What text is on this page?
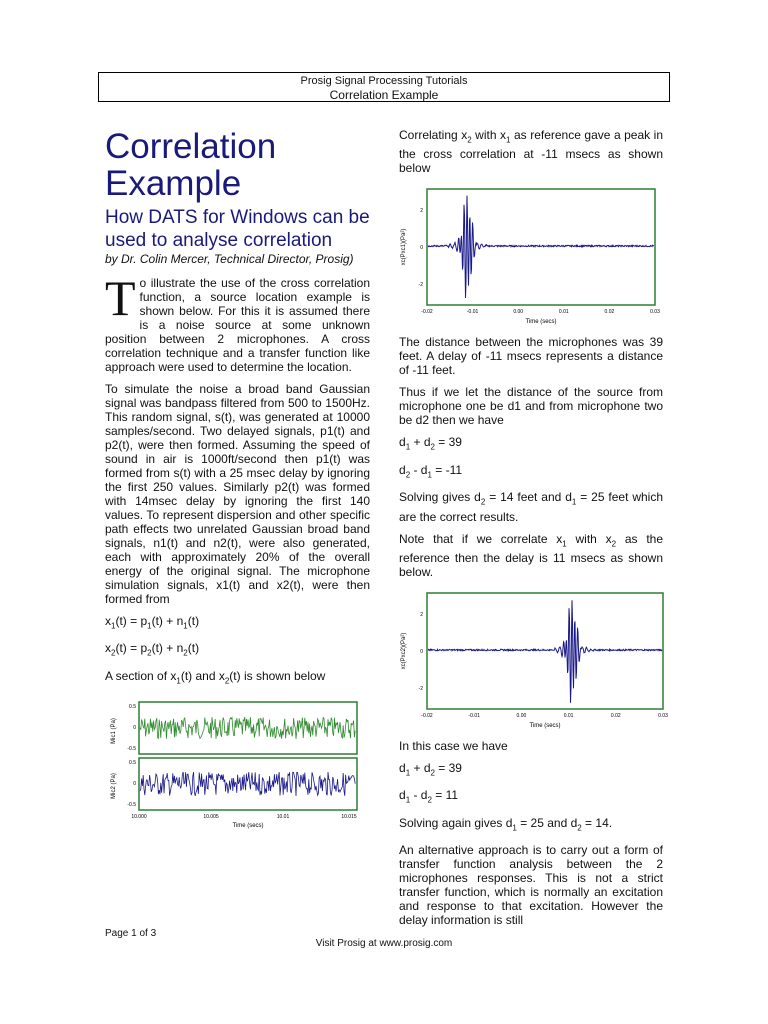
Prosig Signal Processing Tutorials
Correlation Example
Correlation Example
How DATS for Windows can be used to analyse correlation
by Dr. Colin Mercer, Technical Director, Prosig)

T o illustrate the use of the cross correlation function, a source location example is shown below. For this it is assumed there is a noise source at some unknown position between 2 microphones. A cross correlation technique and a transfer function like approach were used to determine the location.

To simulate the noise a broad band Gaussian signal was bandpass filtered from 500 to 1500Hz. This random signal, s(t), was generated at 10000 samples/second. Two delayed signals, p1(t) and p2(t), were then formed. Assuming the speed of sound in air is 1000ft/second then p1(t) was formed from s(t) with a 25 msec delay by ignoring the first 250 values. Similarly p2(t) was formed with 14msec delay by ignoring the first 140 values. To represent dispersion and other specific path effects two unrelated Gaussian broad band signals, n1(t) and n2(t), were also generated, each with approximately 20% of the overall energy of the original signal. The microphone simulation signals, x1(t) and x2(t), were then formed from

$x_1(t) = p_1(t) + n_1(t)$
$x_2(t) = p_2(t) + n_2(t)$
A section of $x_1(t)$ and $x_2(t)$ is shown below
Mic1 (Pa)
Mic2 (Pa)
0.5
0
-0.5
0.5
0
-0.5
10.000	10.005	10.01	10.015
Time (secs)

Correlating $x_2$ with $x_1$ as reference gave a peak in the cross correlation at -11 msecs as shown below

xc(Pxc1)(Pa²)
2
0
-2
-0.02	-0.01	0.00	0.01	0.02	0.03
Time (secs)

The distance between the microphones was 39 feet. A delay of -11 msecs represents a distance of -11 feet.

Thus if we let the distance of the source from microphone one be d1 and from microphone two be d2 then we have

$d_1 + d_2 = 39$
$d_2 - d_1 = -11$

Solving gives $d_2 = 14$ feet and $d_1 = 25$ feet which are the correct results.

Note that if we correlate $x_1$ with $x_2$ as the reference then the delay is 11 msecs as shown below.

xc(Pxc2)(Pa²)
2
0
-2
-0.02	-0.01	0.00	0.01	0.02	0.03
Time (secs)

In this case we have

$d_1 + d_2 = 39$
$d_1 - d_2 = 11$

Solving again gives $d_1 = 25$ and $d_2 = 14$.

An alternative approach is to carry out a form of transfer function analysis between the 2 microphones responses. This is not a strict transfer function, which is normally an excitation and response to that excitation. However the delay information is still

Page 1 of 3
Visit Prosig at www.prosig.com
